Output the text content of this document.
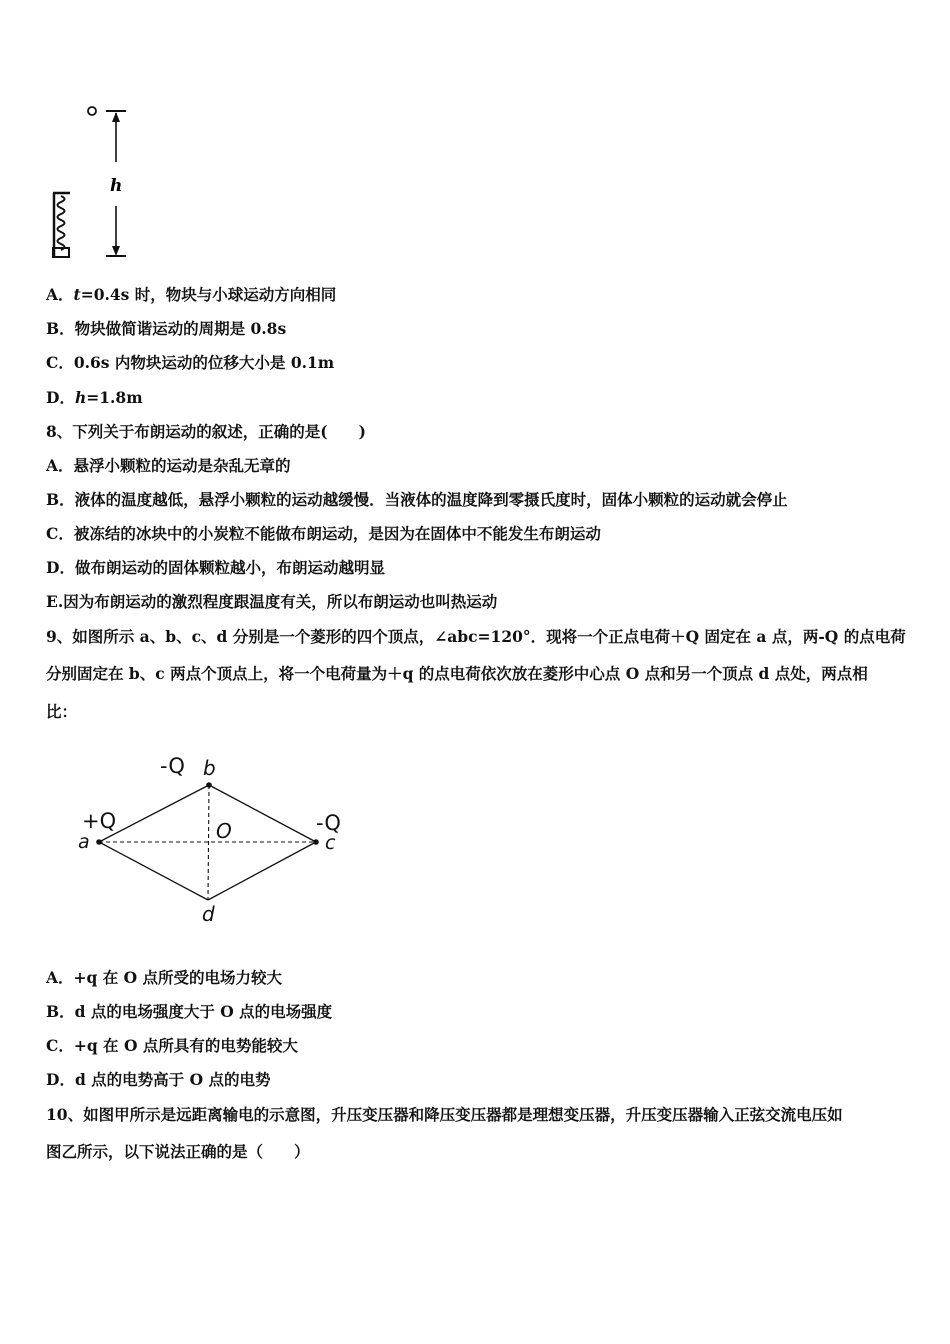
h
A．t=0.4s 时，物块与小球运动方向相同
B．物块做简谐运动的周期是 0.8s
C．0.6s 内物块运动的位移大小是 0.1m
D．h=1.8m
8、下列关于布朗运动的叙述，正确的是(　　)
A．悬浮小颗粒的运动是杂乱无章的
B．液体的温度越低，悬浮小颗粒的运动越缓慢．当液体的温度降到零摄氏度时，固体小颗粒的运动就会停止
C．被冻结的冰块中的小炭粒不能做布朗运动，是因为在固体中不能发生布朗运动
D．做布朗运动的固体颗粒越小，布朗运动越明显
E.因为布朗运动的激烈程度跟温度有关，所以布朗运动也叫热运动
9、如图所示 a、b、c、d 分别是一个菱形的四个顶点，∠abc=120°．现将一个正点电荷＋Q 固定在 a 点，两-Q 的点电荷
分别固定在 b、c 两点个顶点上，将一个电荷量为＋q 的点电荷依次放在菱形中心点 O 点和另一个顶点 d 点处，两点相
比：
+Q
a
-Q b
-Q
c
O
d
A．+q 在 O 点所受的电场力较大
B．d 点的电场强度大于 O 点的电场强度
C．+q 在 O 点所具有的电势能较大
D．d 点的电势高于 O 点的电势
10、如图甲所示是远距离输电的示意图，升压变压器和降压变压器都是理想变压器，升压变压器输入正弦交流电压如
图乙所示，以下说法正确的是（　　）
